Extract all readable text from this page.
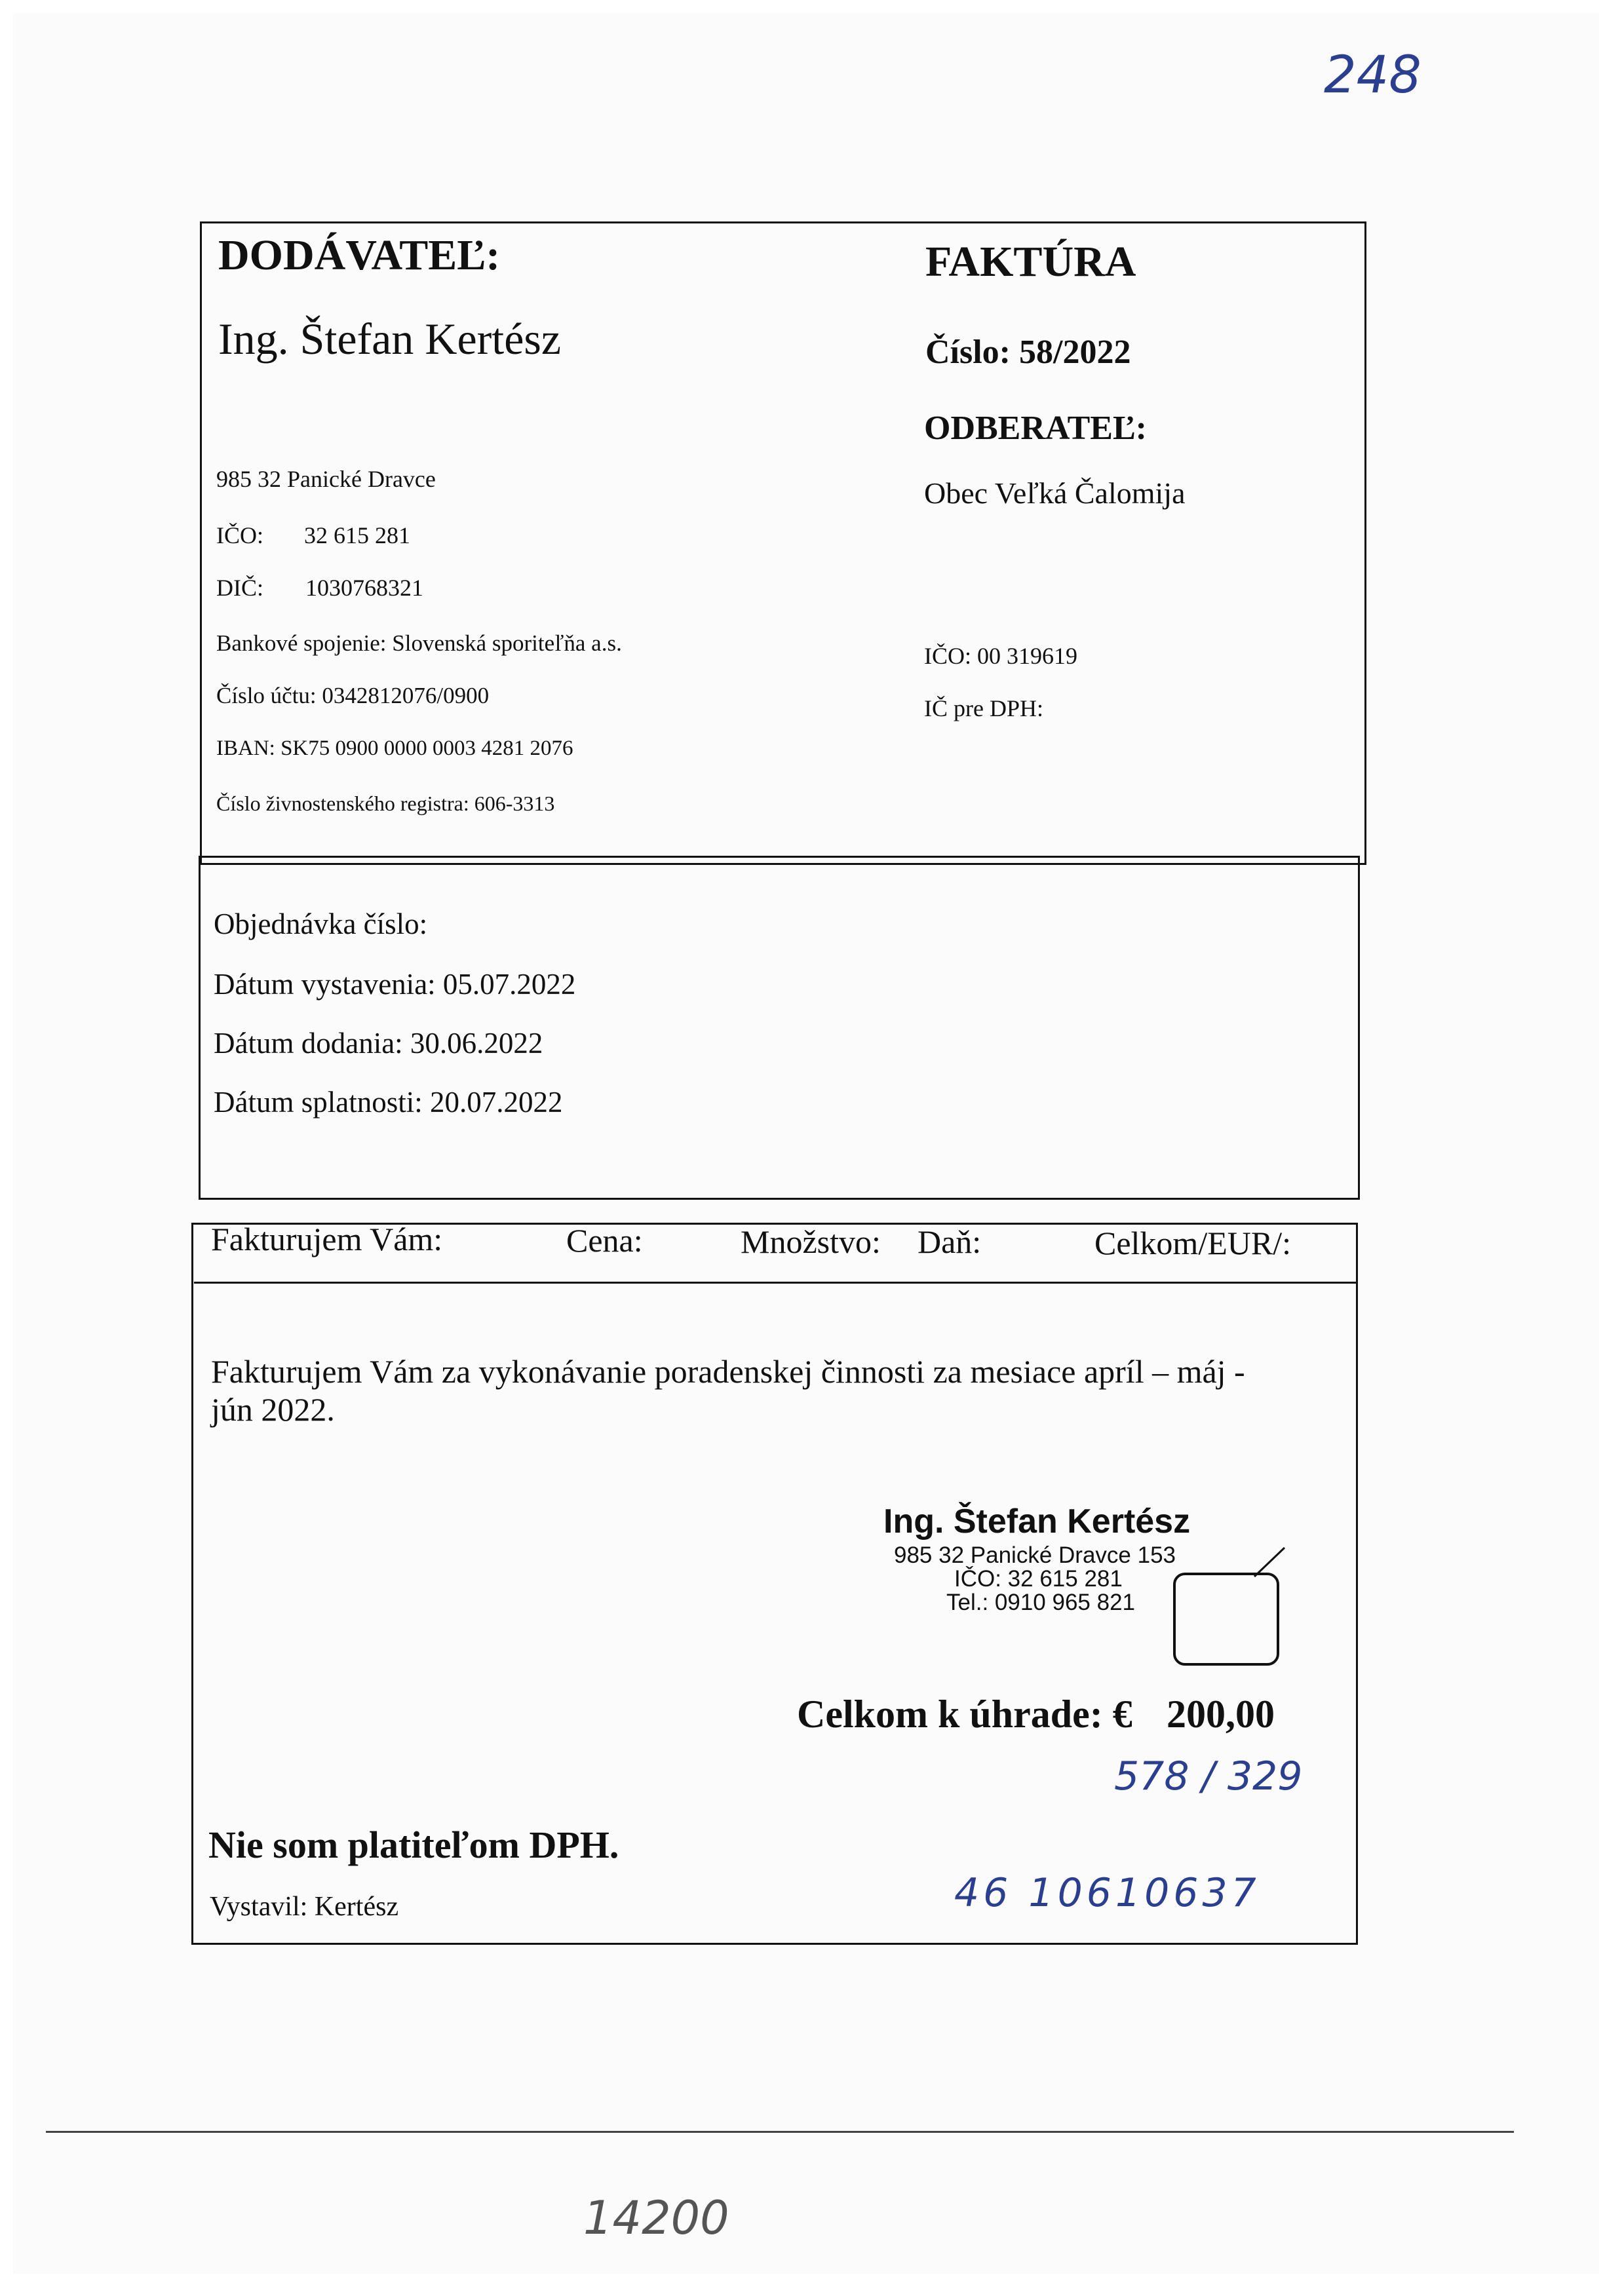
248
DODÁVATEĽ:
Ing. Štefan Kertész
985 32 Panické Dravce
IČO: 32 615 281
DIČ: 1030768321
Bankové spojenie: Slovenská sporiteľňa a.s.
Číslo účtu: 0342812076/0900
IBAN: SK75 0900 0000 0003 4281 2076
Číslo živnostenského registra: 606-3313
FAKTÚRA
Číslo: 58/2022
ODBERATEĽ:
Obec Veľká Čalomija
IČO: 00 319619
IČ pre DPH:
Objednávka číslo:
Dátum vystavenia: 05.07.2022
Dátum dodania: 30.06.2022
Dátum splatnosti: 20.07.2022
Fakturujem Vám:	Cena:	Množstvo: Daň:	Celkom/EUR/:
Fakturujem Vám za vykonávanie poradenskej činnosti za mesiace apríl – máj -
jún 2022.
Ing. Štefan Kertész
985 32 Panické Dravce 153
IČO: 32 615 281
Tel.: 0910 965 821
Celkom k úhrade: € 200,00
578 / 329
Nie som platiteľom DPH.
Vystavil: Kertész	46 10610637
14200
